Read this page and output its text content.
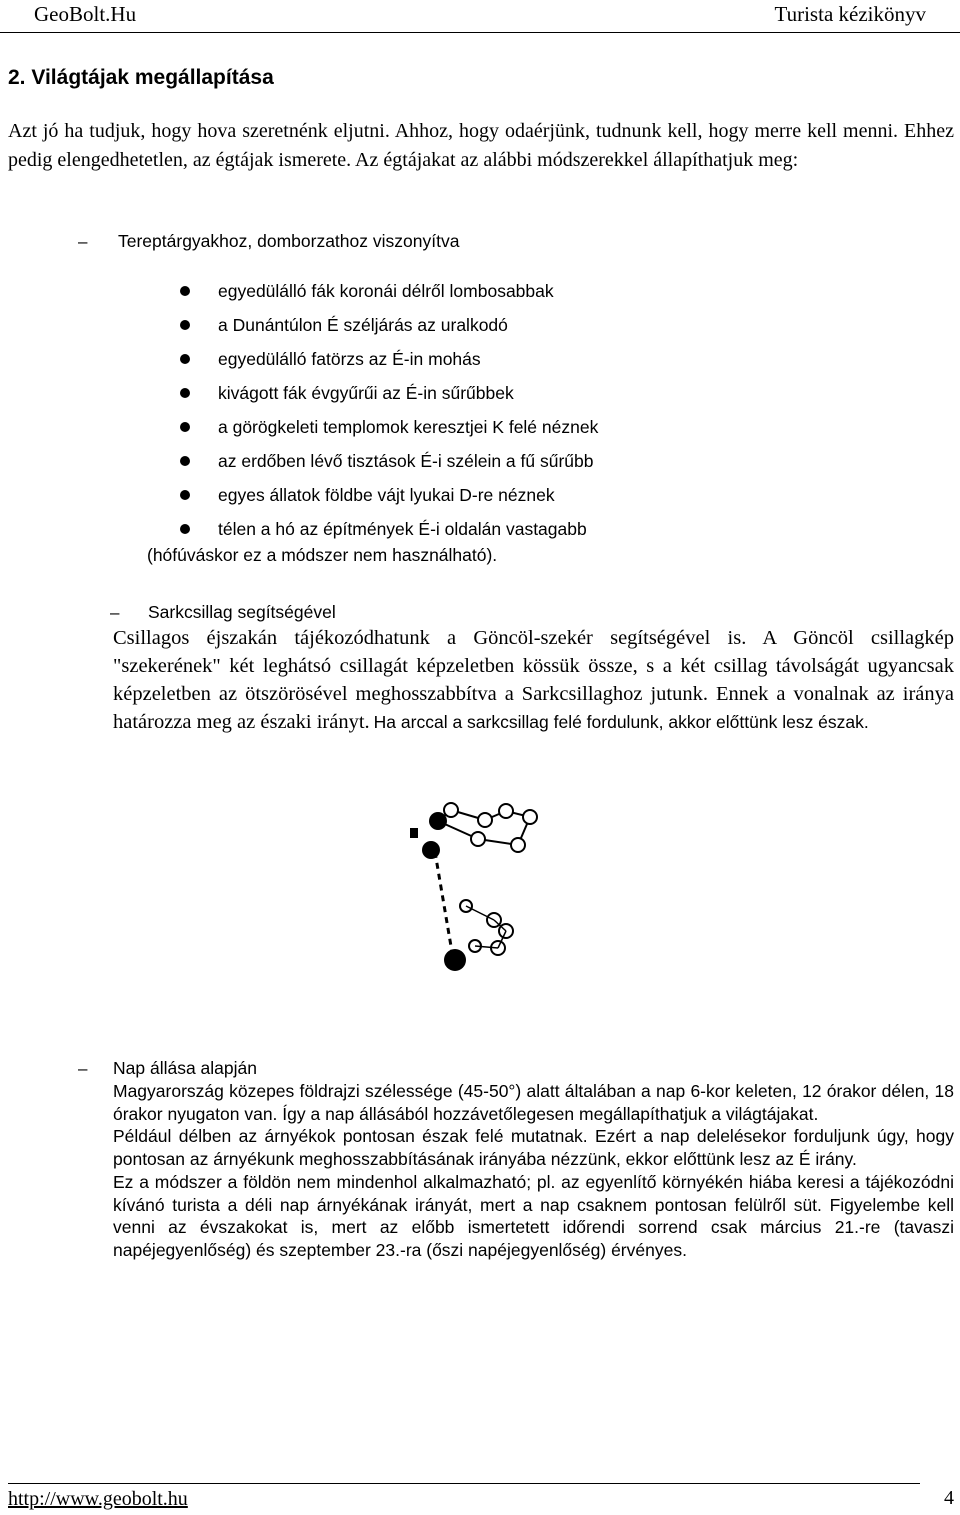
GeoBolt.Hu	Turista kézikönyv
2. Világtájak megállapítása
Azt jó ha tudjuk, hogy hova szeretnénk eljutni. Ahhoz, hogy odaérjünk, tudnunk kell, hogy merre kell menni. Ehhez pedig elengedhetetlen, az égtájak ismerete. Az égtájakat az alábbi módszerekkel állapíthatjuk meg:
– Tereptárgyakhoz, domborzathoz viszonyítva
egyedülálló fák koronái délről lombosabbak
a Dunántúlon É széljárás az uralkodó
egyedülálló fatörzs az É-in mohás
kivágott fák évgyűrűi az É-in sűrűbbek
a görögkeleti templomok keresztjei K felé néznek
az erdőben lévő tisztások É-i szélein a fű sűrűbb
egyes állatok földbe vájt lyukai D-re néznek
télen a hó az építmények É-i oldalán vastagabb
(hófúváskor ez a módszer nem használható).
– Sarkcsillag segítségével
Csillagos éjszakán tájékozódhatunk a Göncöl-szekér segítségével is. A Göncöl csillagkép "szekerének" két leghátsó csillagát képzeletben kössük össze, s a két csillag távolságát ugyancsak képzeletben az ötszörösével meghosszabbítva a Sarkcsillaghoz jutunk. Ennek a vonalnak az iránya határozza meg az északi irányt. Ha arccal a sarkcsillag felé fordulunk, akkor előttünk lesz észak.
– Nap állása alapján

Magyarország közepes földrajzi szélessége (45-50°) alatt általában a nap 6-kor keleten, 12 órakor délen, 18 órakor nyugaton van. Így a nap állásából hozzávetőlegesen megállapíthatjuk a világtájakat.

Például délben az árnyékok pontosan észak felé mutatnak. Ezért a nap delelésekor forduljunk úgy, hogy pontosan az árnyékunk meghosszabbításának irányába nézzünk, ekkor előttünk lesz az É irány.

Ez a módszer a földön nem mindenhol alkalmazható; pl. az egyenlítő környékén hiába keresi a tájékozódni kívánó turista a déli nap árnyékának irányát, mert a nap csaknem pontosan felülről süt. Figyelembe kell venni az évszakokat is, mert az előbb ismertetett időrendi sorrend csak március 21.-re (tavaszi napéjegyenlőség) és szeptember 23.-ra (őszi napéjegyenlőség) érvényes.

http://www.geobolt.hu	4
